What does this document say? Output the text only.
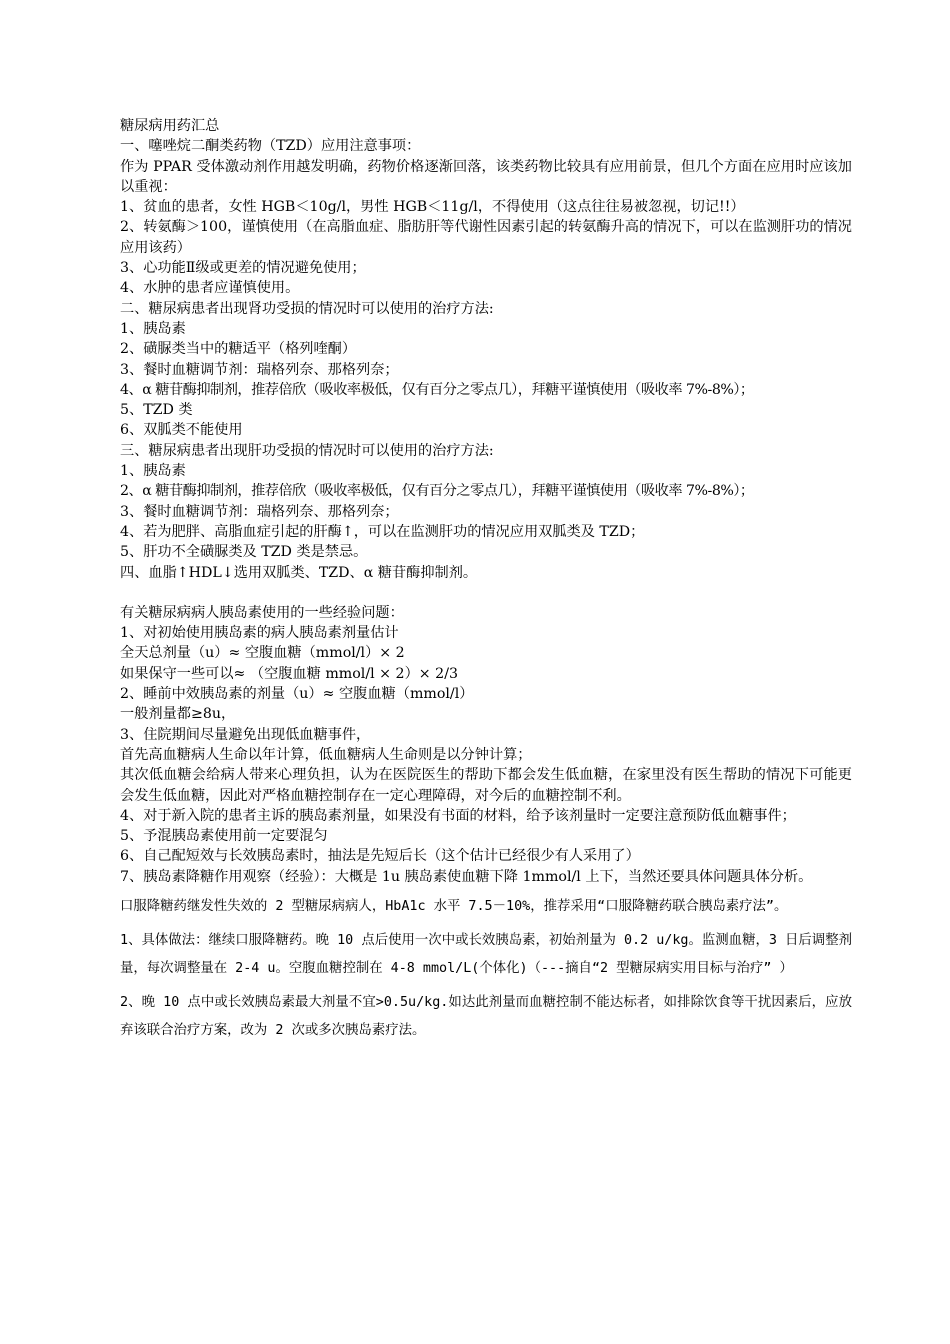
糖尿病用药汇总
一、噻唑烷二酮类药物（TZD）应用注意事项：
作为 PPAR 受体激动剂作用越发明确，药物价格逐渐回落，该类药物比较具有应用前景，但几个方面在应用时应该加以重视：
1、贫血的患者，女性 HGB＜10g/l，男性 HGB＜11g/l，不得使用（这点往往易被忽视，切记!!）
2、转氨酶＞100，谨慎使用（在高脂血症、脂肪肝等代谢性因素引起的转氨酶升高的情况下，可以在监测肝功的情况应用该药）
3、心功能Ⅱ级或更差的情况避免使用；
4、水肿的患者应谨慎使用。
二、糖尿病患者出现肾功受损的情况时可以使用的治疗方法:
1、胰岛素
2、磺脲类当中的糖适平（格列喹酮）
3、餐时血糖调节剂：瑞格列奈、那格列奈；
4、α 糖苷酶抑制剂，推荐倍欣（吸收率极低，仅有百分之零点几），拜糖平谨慎使用（吸收率 7%-8%）；
5、TZD 类
6、双胍类不能使用
三、糖尿病患者出现肝功受损的情况时可以使用的治疗方法:
1、胰岛素
2、α 糖苷酶抑制剂，推荐倍欣（吸收率极低，仅有百分之零点几），拜糖平谨慎使用（吸收率 7%-8%）；
3、餐时血糖调节剂：瑞格列奈、那格列奈；
4、若为肥胖、高脂血症引起的肝酶↑，可以在监测肝功的情况应用双胍类及 TZD；
5、肝功不全磺脲类及 TZD 类是禁忌。
四、血脂↑HDL↓选用双胍类、TZD、α 糖苷酶抑制剂。
有关糖尿病病人胰岛素使用的一些经验问题：
1、对初始使用胰岛素的病人胰岛素剂量估计
全天总剂量（u）≈ 空腹血糖（mmol/l）× 2
如果保守一些可以≈ （空腹血糖 mmol/l × 2）× 2/3
2、睡前中效胰岛素的剂量（u）≈ 空腹血糖（mmol/l）
一般剂量都≥8u，
3、住院期间尽量避免出现低血糖事件，
首先高血糖病人生命以年计算，低血糖病人生命则是以分钟计算；
其次低血糖会给病人带来心理负担，认为在医院医生的帮助下都会发生低血糖，在家里没有医生帮助的情况下可能更会发生低血糖，因此对严格血糖控制存在一定心理障碍，对今后的血糖控制不利。
4、对于新入院的患者主诉的胰岛素剂量，如果没有书面的材料，给予该剂量时一定要注意预防低血糖事件；
5、予混胰岛素使用前一定要混匀
6、自己配短效与长效胰岛素时，抽法是先短后长（这个估计已经很少有人采用了）
7、胰岛素降糖作用观察（经验）：大概是 1u 胰岛素使血糖下降 1mmol/l 上下，当然还要具体问题具体分析。

口服降糖药继发性失效的 2 型糖尿病病人，HbA1c 水平 7.5－10%，推荐采用“口服降糖药联合胰岛素疗法”。

1、具体做法：继续口服降糖药。晚 10 点后使用一次中或长效胰岛素，初始剂量为 0.2 u/kg。监测血糖，3 日后调整剂量，每次调整量在 2-4 u。空腹血糖控制在 4-8 mmol/L(个体化)（---摘自“2 型糖尿病实用目标与治疗” ）

2、晚 10 点中或长效胰岛素最大剂量不宜>0.5u/kg.如达此剂量而血糖控制不能达标者，如排除饮食等干扰因素后，应放弃该联合治疗方案，改为 2 次或多次胰岛素疗法。
